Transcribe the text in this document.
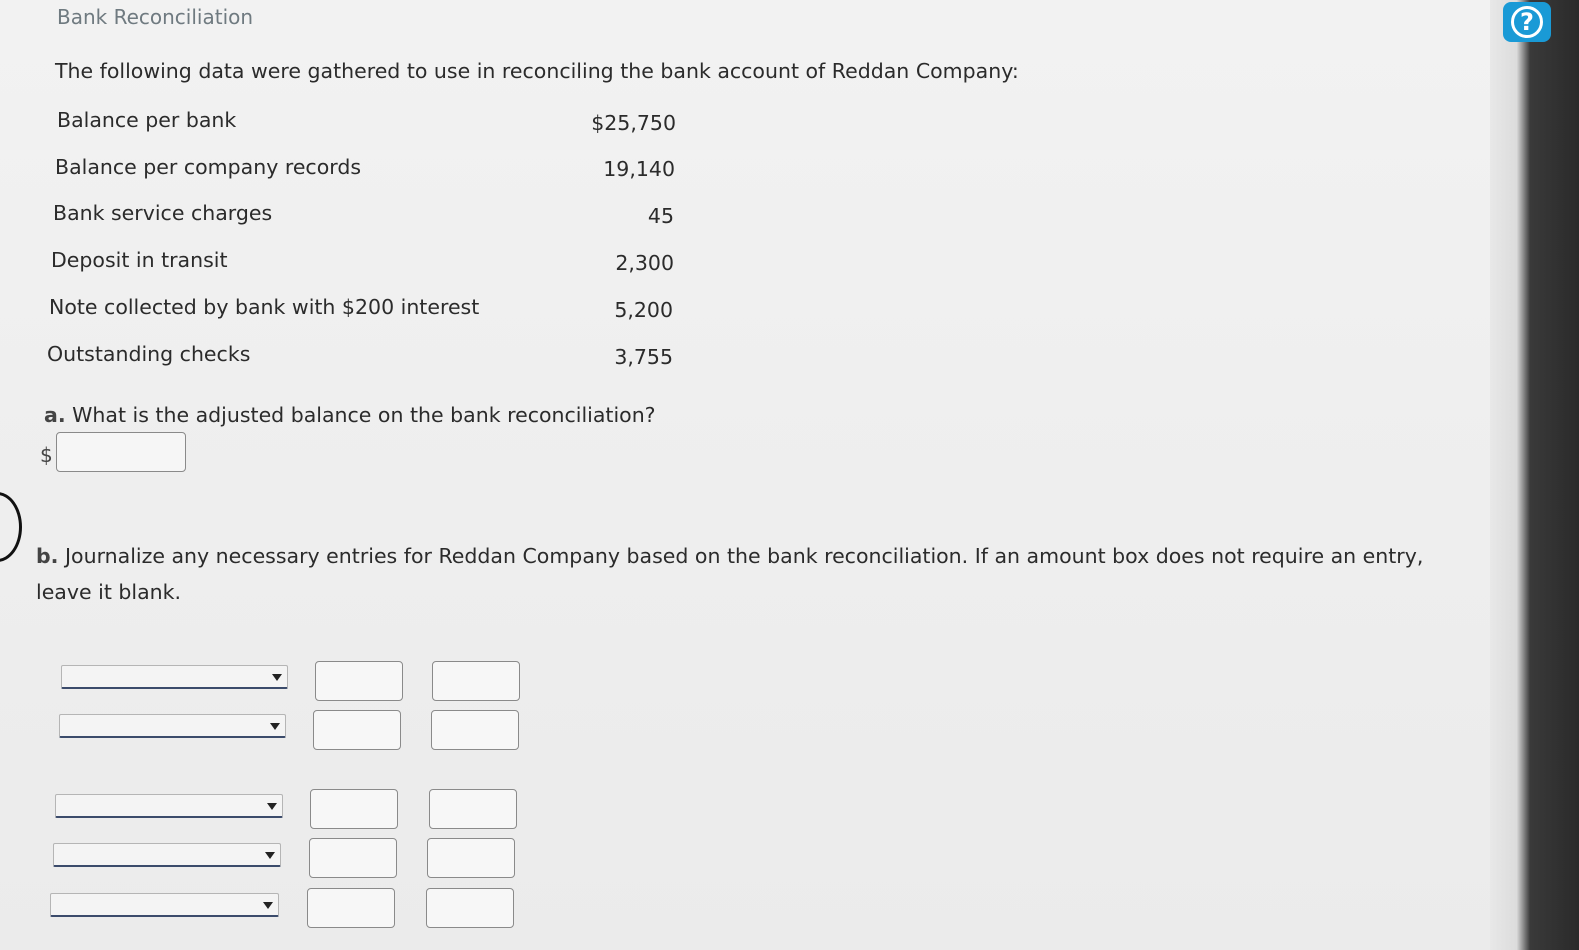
Bank Reconciliation
The following data were gathered to use in reconciling the bank account of Reddan Company:
Balance per bank	$25,750
Balance per company records	19,140
Bank service charges	45
Deposit in transit	2,300
Note collected by bank with $200 interest	5,200
Outstanding checks	3,755
a. What is the adjusted balance on the bank reconciliation?
$
b. Journalize any necessary entries for Reddan Company based on the bank reconciliation. If an amount box does not require an entry, leave it blank.
?
